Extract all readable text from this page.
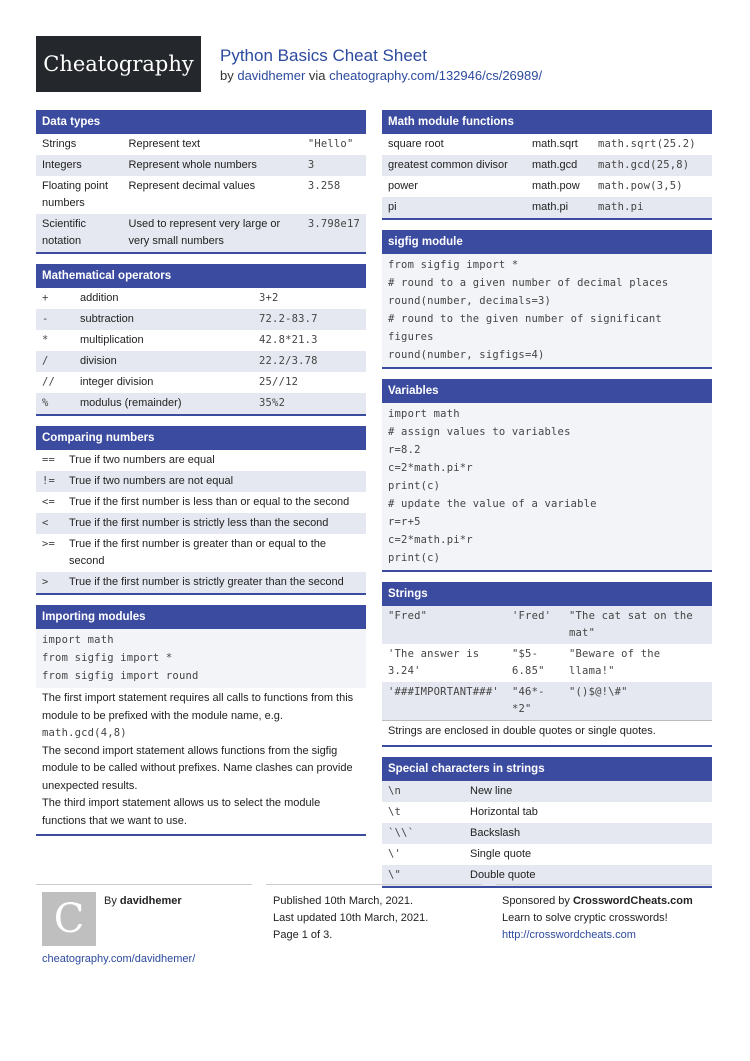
Cheatography	Python Basics Cheat Sheet
by davidhemer via cheatography.com/132946/cs/26989/
Data types
Strings	Represent text	"Hello"
Integers	Represent whole numbers	3
Floating point numbers	Represent decimal values	3.258
Scientific notation	Used to represent very large or very small numbers	3.798e17
Mathematical operators
+	addition	3+2
-	subtraction	72.2-83.7
*	multiplication	42.8*21.3
/	division	22.2/3.78
//	integer division	25//12
%	modulus (remainder)	35%2
Comparing numbers
==	True if two numbers are equal
!=	True if two numbers are not equal
<=	True if the first number is less than or equal to the second
<	True if the first number is strictly less than the second
>=	True if the first number is greater than or equal to the second
>	True if the first number is strictly greater than the second
Importing modules
import math
from sigfig import *
from sigfig import round
The first import statement requires all calls to functions from this module to be prefixed with the module name, e.g. math.gcd(4,8)
The second import statement allows functions from the sigfig module to be called without prefixes. Name clashes can provide unexpected results.
The third import statement allows us to select the module functions that we want to use.
Math module functions
square root	math.sqrt	math.sqrt(25.2)
greatest common divisor	math.gcd	math.gcd(25,8)
power	math.pow	math.pow(3,5)
pi	math.pi	math.pi
sigfig module
from sigfig import *
# round to a given number of decimal places
round(number, decimals=3)
# round to the given number of significant figures
round(number, sigfigs=4)
Variables
import math
# assign values to variables
r=8.2
c=2*math.pi*r
print(c)
# update the value of a variable
r=r+5
c=2*math.pi*r
print(c)
Strings
"Fred"	'Fred'	"The cat sat on the mat"
'The answer is 3.24'	"$5-6.85"	"Beware of the llama!"
'###IMPORTANT###'	"46*-*2"	"()$@!\#"
Strings are enclosed in double quotes or single quotes.
Special characters in strings
\n	New line
\t	Horizontal tab
`\\`	Backslash
\'	Single quote
\"	Double quote
C	By davidhemer
cheatography.com/davidhemer/
Published 10th March, 2021.
Last updated 10th March, 2021.
Page 1 of 3.
Sponsored by CrosswordCheats.com
Learn to solve cryptic crosswords!
http://crosswordcheats.com
